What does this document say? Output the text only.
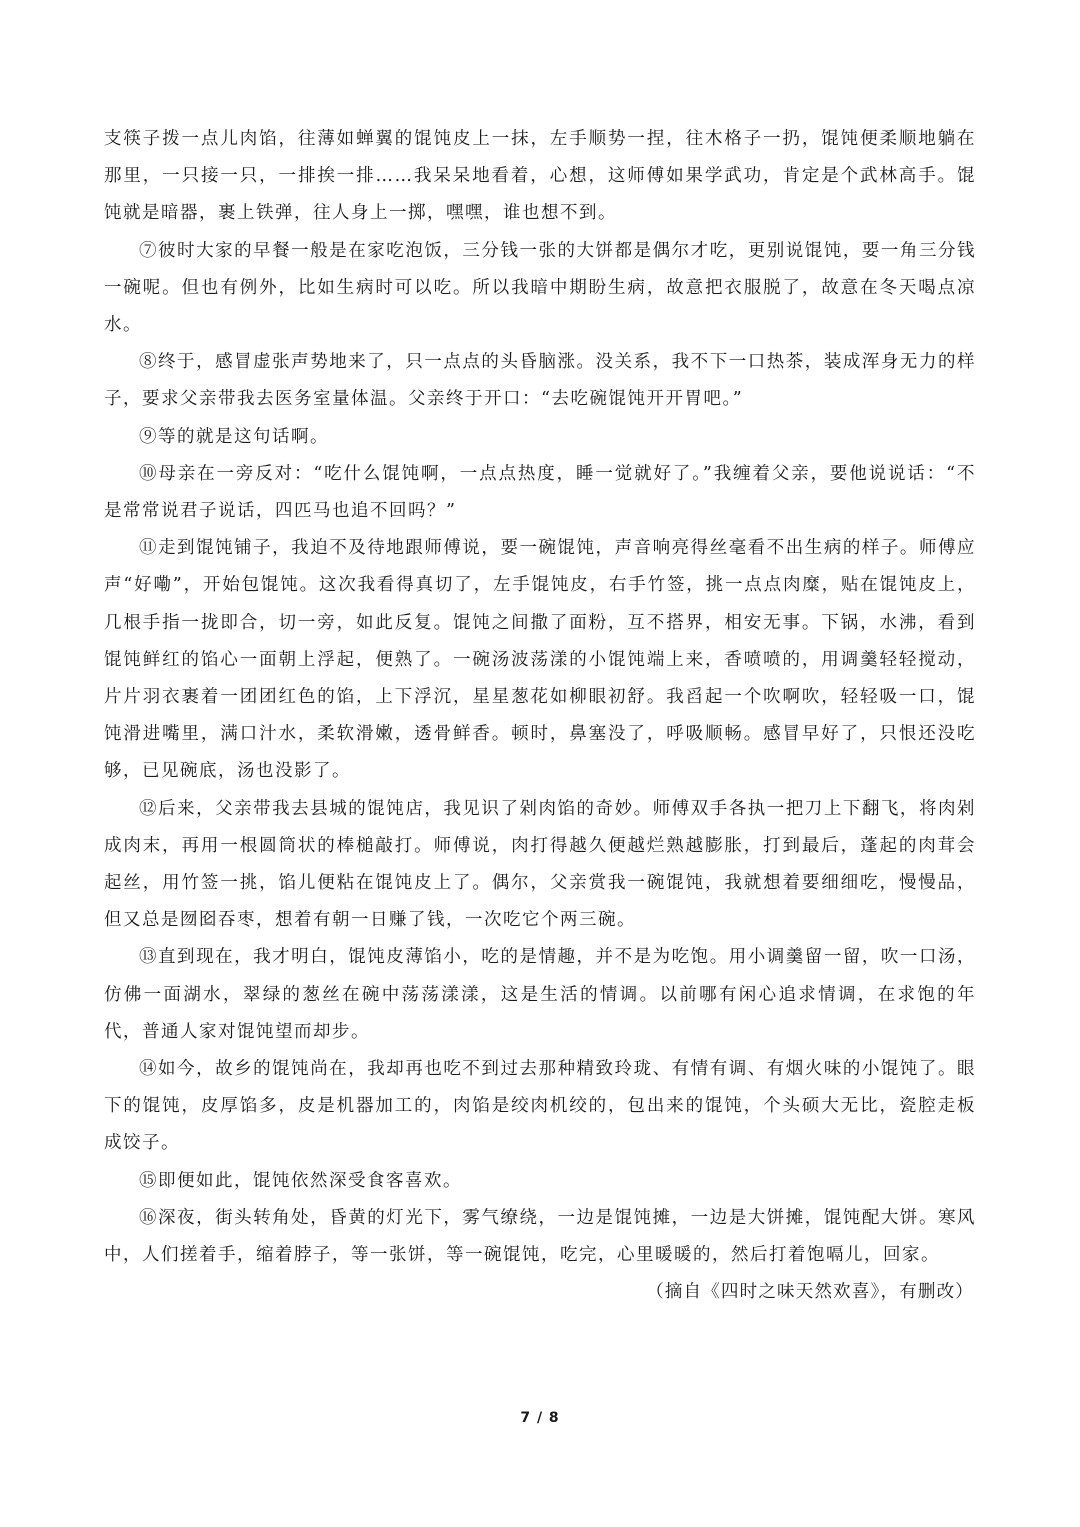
支筷子拨一点儿肉馅，往薄如蝉翼的馄饨皮上一抹，左手顺势一捏，往木格子一扔，馄饨便柔顺地躺在那里，一只接一只，一排挨一排……我呆呆地看着，心想，这师傅如果学武功，肯定是个武林高手。馄饨就是暗器，裹上铁弹，往人身上一掷，嘿嘿，谁也想不到。

⑦彼时大家的早餐一般是在家吃泡饭，三分钱一张的大饼都是偶尔才吃，更别说馄饨，要一角三分钱一碗呢。但也有例外，比如生病时可以吃。所以我暗中期盼生病，故意把衣服脱了，故意在冬天喝点凉水。

⑧终于，感冒虚张声势地来了，只一点点的头昏脑涨。没关系，我不下一口热茶，装成浑身无力的样子，要求父亲带我去医务室量体温。父亲终于开口：“去吃碗馄饨开开胃吧。”

⑨等的就是这句话啊。

⑩母亲在一旁反对：“吃什么馄饨啊，一点点热度，睡一觉就好了。”我缠着父亲，要他说说话：“不是常常说君子说话，四匹马也追不回吗？”

⑪走到馄饨铺子，我迫不及待地跟师傅说，要一碗馄饨，声音响亮得丝毫看不出生病的样子。师傅应声“好嘞”，开始包馄饨。这次我看得真切了，左手馄饨皮，右手竹签，挑一点点肉糜，贴在馄饨皮上，几根手指一拢即合，切一旁，如此反复。馄饨之间撒了面粉，互不搭界，相安无事。下锅，水沸，看到馄饨鲜红的馅心一面朝上浮起，便熟了。一碗汤波荡漾的小馄饨端上来，香喷喷的，用调羹轻轻搅动，片片羽衣裹着一团团红色的馅，上下浮沉，星星葱花如柳眼初舒。我舀起一个吹啊吹，轻轻吸一口，馄饨滑进嘴里，满口汁水，柔软滑嫩，透骨鲜香。顿时，鼻塞没了，呼吸顺畅。感冒早好了，只恨还没吃够，已见碗底，汤也没影了。

⑫后来，父亲带我去县城的馄饨店，我见识了剁肉馅的奇妙。师傅双手各执一把刀上下翻飞，将肉剁成肉末，再用一根圆筒状的棒槌敲打。师傅说，肉打得越久便越烂熟越膨胀，打到最后，蓬起的肉茸会起丝，用竹签一挑，馅儿便粘在馄饨皮上了。偶尔，父亲赏我一碗馄饨，我就想着要细细吃，慢慢品，但又总是囫囵吞枣，想着有朝一日赚了钱，一次吃它个两三碗。

⑬直到现在，我才明白，馄饨皮薄馅小，吃的是情趣，并不是为吃饱。用小调羹留一留，吹一口汤，仿佛一面湖水，翠绿的葱丝在碗中荡荡漾漾，这是生活的情调。以前哪有闲心追求情调，在求饱的年代，普通人家对馄饨望而却步。

⑭如今，故乡的馄饨尚在，我却再也吃不到过去那种精致玲珑、有情有调、有烟火味的小馄饨了。眼下的馄饨，皮厚馅多，皮是机器加工的，肉馅是绞肉机绞的，包出来的馄饨，个头硕大无比，瓷腔走板成饺子。

⑮即便如此，馄饨依然深受食客喜欢。

⑯深夜，街头转角处，昏黄的灯光下，雾气缭绕，一边是馄饨摊，一边是大饼摊，馄饨配大饼。寒风中，人们搓着手，缩着脖子，等一张饼，等一碗馄饨，吃完，心里暖暖的，然后打着饱嗝儿，回家。

（摘自《四时之味天然欢喜》，有删改）

7 / 8
